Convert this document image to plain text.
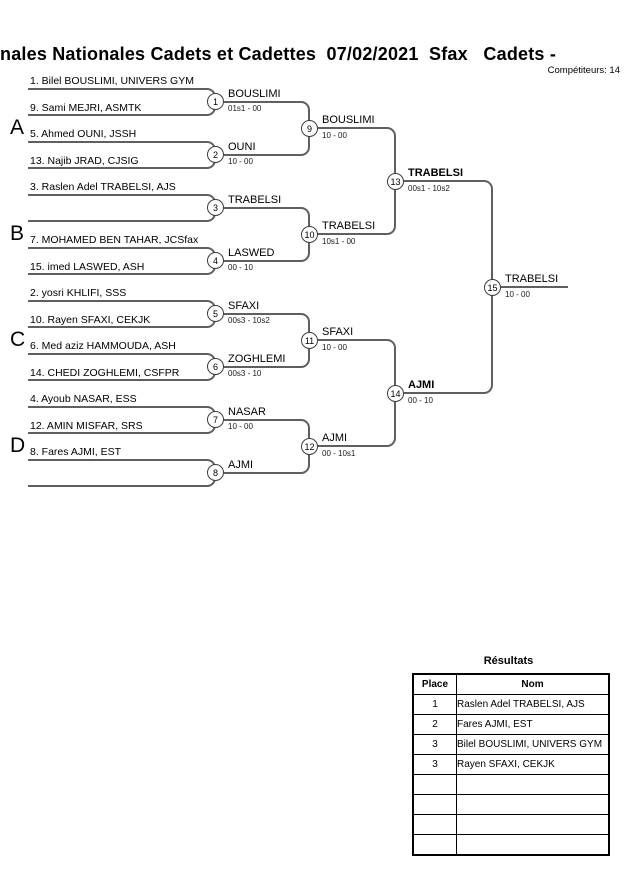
nales Nationales Cadets et Cadettes  07/02/2021  Sfax   Cadets -
Compétiteurs: 14
A
B
C
D
1. Bilel BOUSLIMI, UNIVERS GYM
9. Sami MEJRI, ASMTK
5. Ahmed OUNI, JSSH
13. Najib JRAD, CJSIG
3. Raslen Adel TRABELSI, AJS
7. MOHAMED BEN TAHAR, JCSfax
15. imed LASWED, ASH
2. yosri KHLIFI, SSS
10. Rayen SFAXI, CEKJK
6. Med aziz HAMMOUDA, ASH
14. CHEDI ZOGHLEMI, CSFPR
4. Ayoub NASAR, ESS
12. AMIN MISFAR, SRS
8. Fares AJMI, EST
1
2
3
4
5
6
7
8
9
10
11
12
13
14
15
BOUSLIMI
01s1 - 00
OUNI
10 - 00
TRABELSI
LASWED
00 - 10
SFAXI
00s3 - 10s2
ZOGHLEMI
00s3 - 10
NASAR
10 - 00
AJMI
BOUSLIMI
10 - 00
TRABELSI
10s1 - 00
SFAXI
10 - 00
AJMI
00 - 10s1
TRABELSI
00s1 - 10s2
AJMI
00 - 10
TRABELSI
10 - 00
Résultats
Place	Nom
1	Raslen Adel TRABELSI, AJS
2	Fares AJMI, EST
3	Bilel BOUSLIMI, UNIVERS GYM
3	Rayen SFAXI, CEKJK
